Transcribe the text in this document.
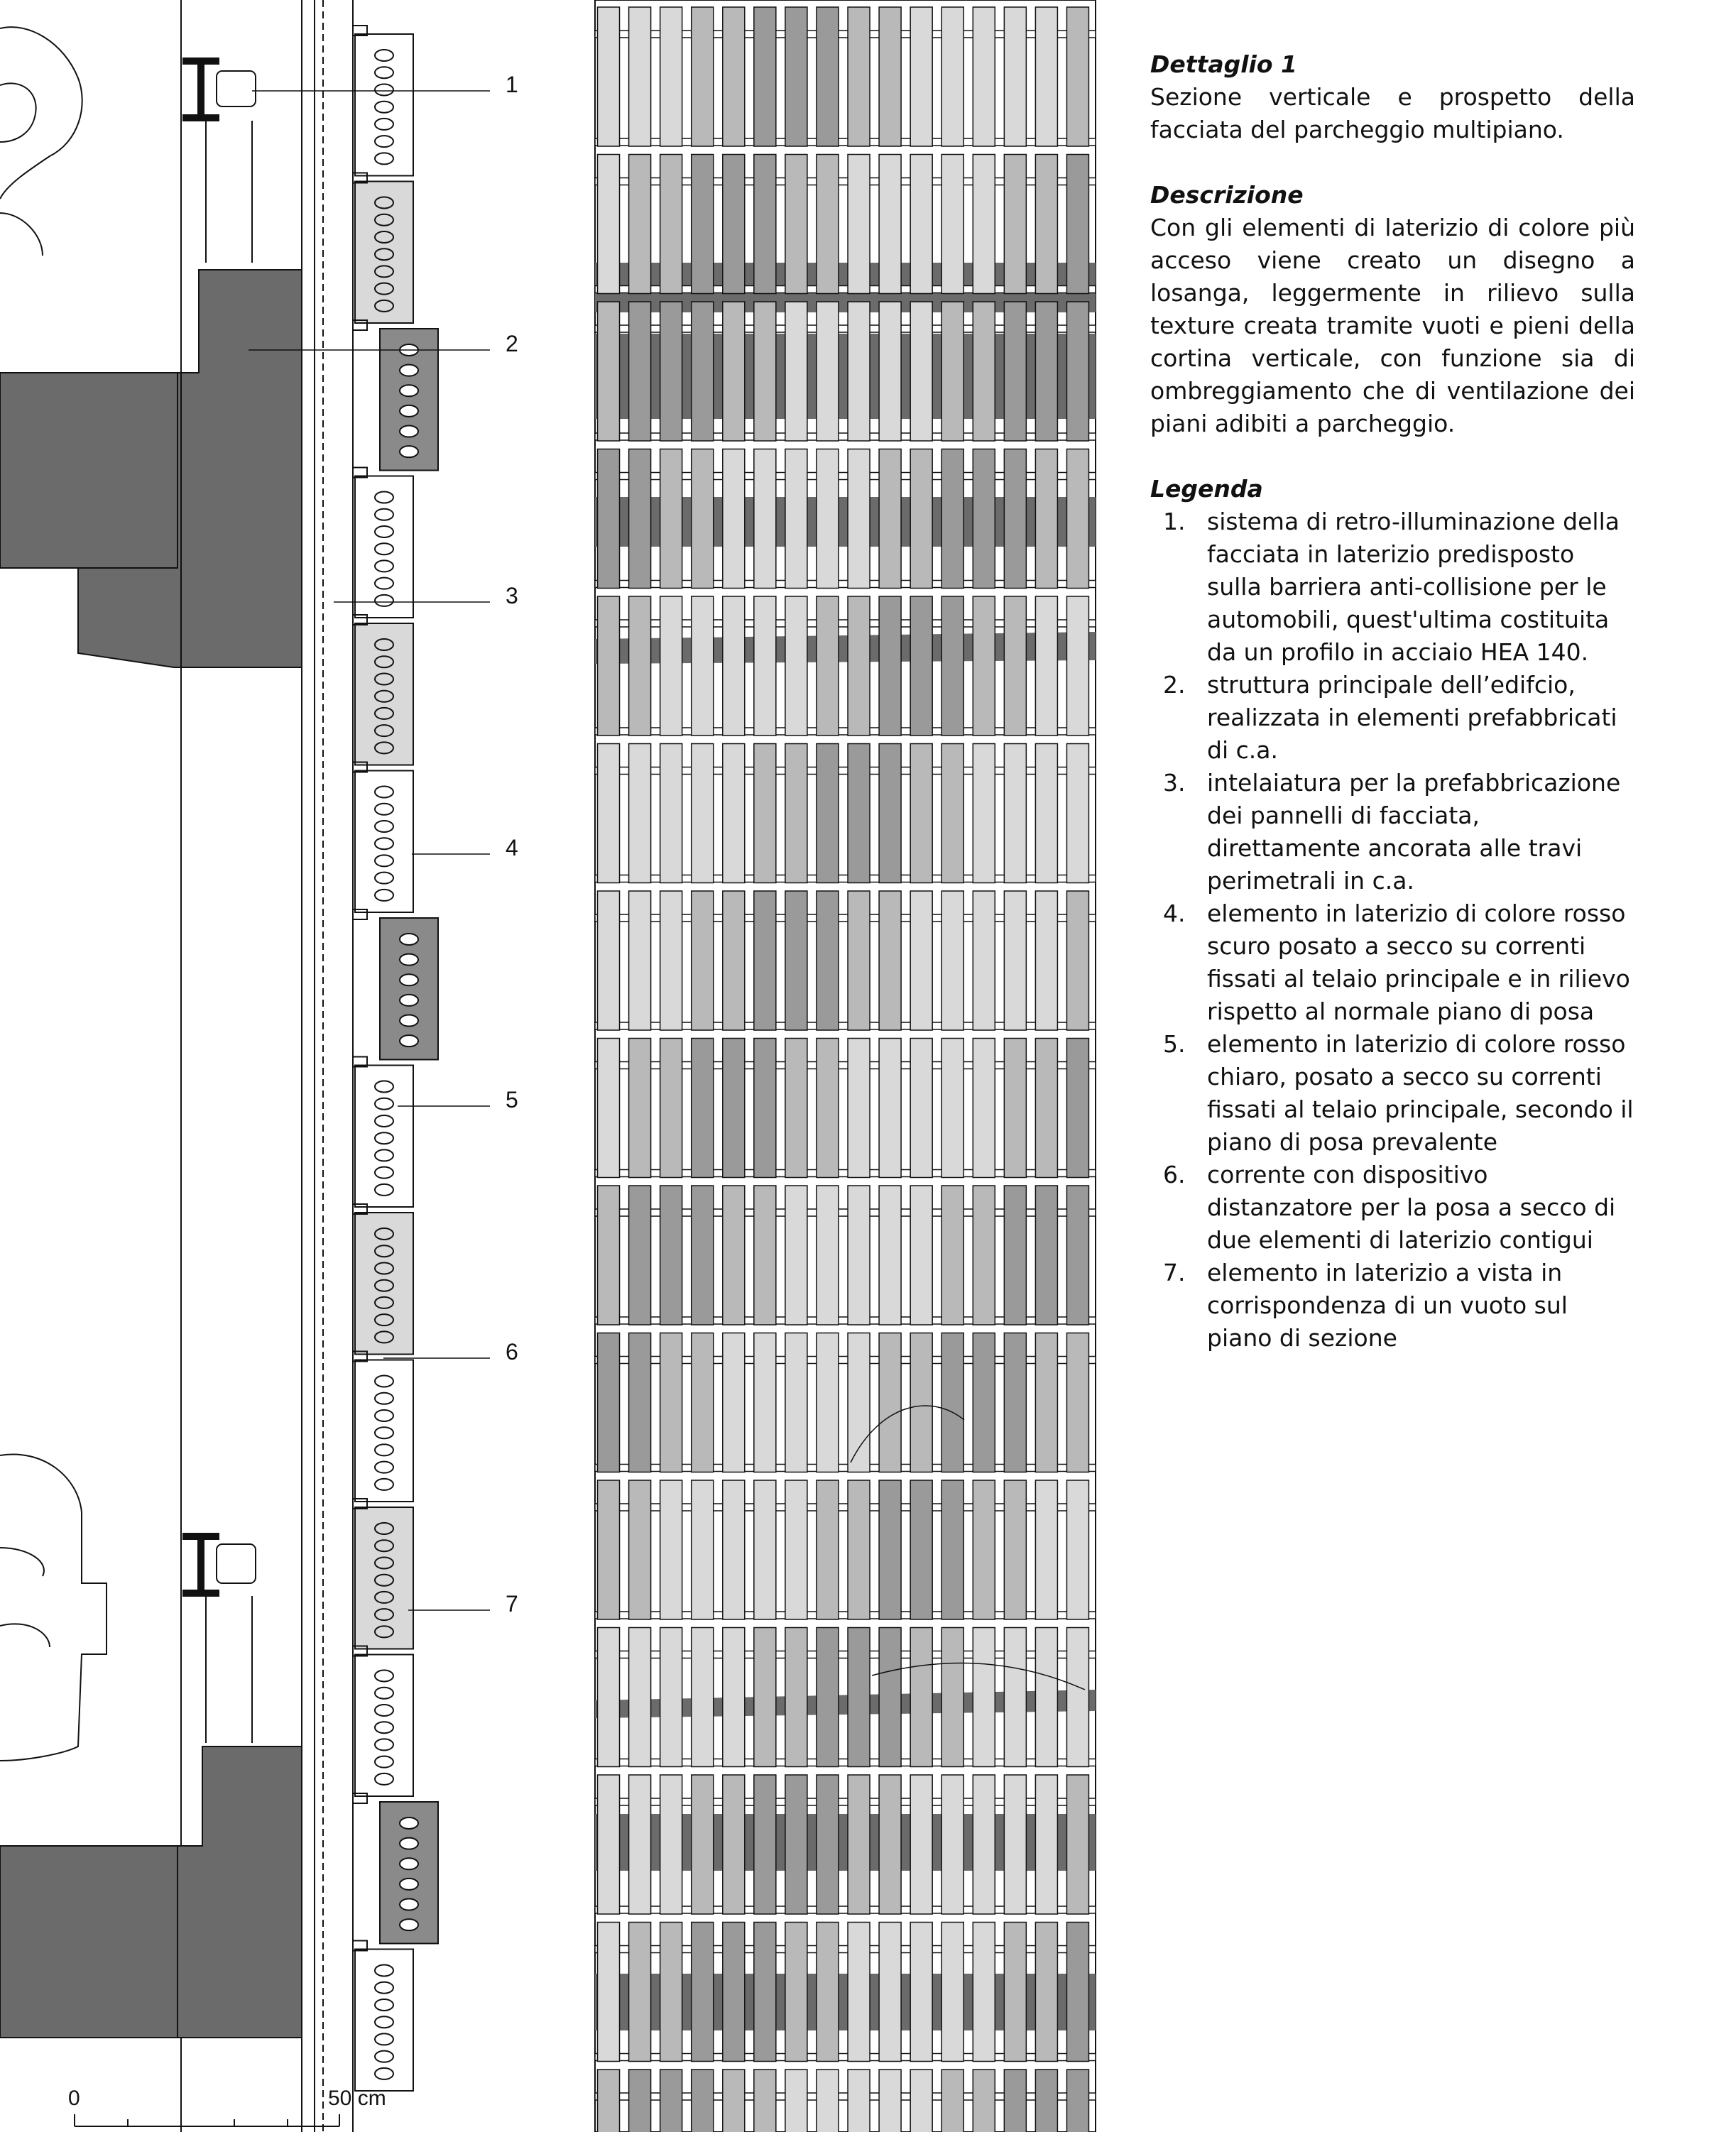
1
2
3
4
5
6
7
0	50 cm
Dettaglio 1
Sezione verticale e prospetto della facciata del parcheggio multipiano.
Descrizione
Con gli elementi di laterizio di colore più acceso viene creato un disegno a losanga, leggermente in rilievo sulla texture creata tramite vuoti e pieni della cortina verticale, con funzione sia di ombreggiamento che di ventilazione dei piani adibiti a parcheggio.
Legenda
1. sistema di retro-illuminazione della facciata in laterizio predisposto sulla barriera anti-collisione per le automobili, quest'ultima costituita da un profilo in acciaio HEA 140.
2. struttura principale dell’edifcio, realizzata in elementi prefabbricati di c.a.
3. intelaiatura per la prefabbricazione dei pannelli di facciata, direttamente ancorata alle travi perimetrali in c.a.
4. elemento in laterizio di colore rosso scuro posato a secco su correnti fissati al telaio principale e in rilievo rispetto al normale piano di posa
5. elemento in laterizio di colore rosso chiaro, posato a secco su correnti fissati al telaio principale, secondo il piano di posa prevalente
6. corrente con dispositivo distanzatore per la posa a secco di due elementi di laterizio contigui
7. elemento in laterizio a vista in corrispondenza di un vuoto sul piano di sezione
